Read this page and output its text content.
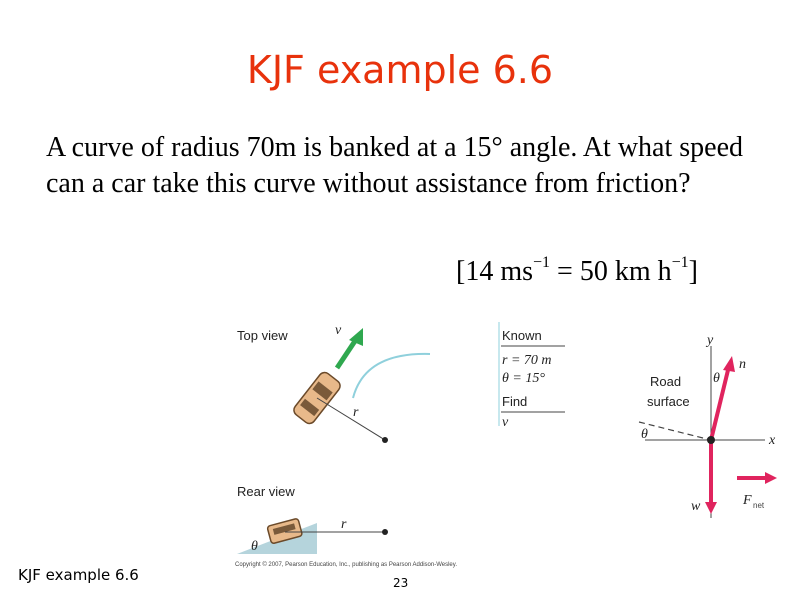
KJF example 6.6
A curve of radius 70m is banked at a 15° angle. At what speed can a car take this curve without assistance from friction?
[14 $ms^{-1} = 50$ km $h^{-1}$]
Top view	v
r
Rear view
r
θ
Copyright © 2007, Pearson Education, Inc., publishing as Pearson Addison-Wesley.
Known
r = 70 m
θ = 15°
Find
v
Road
surface
y
x
θ
θ
n
w	F net
KJF example 6.6	23
